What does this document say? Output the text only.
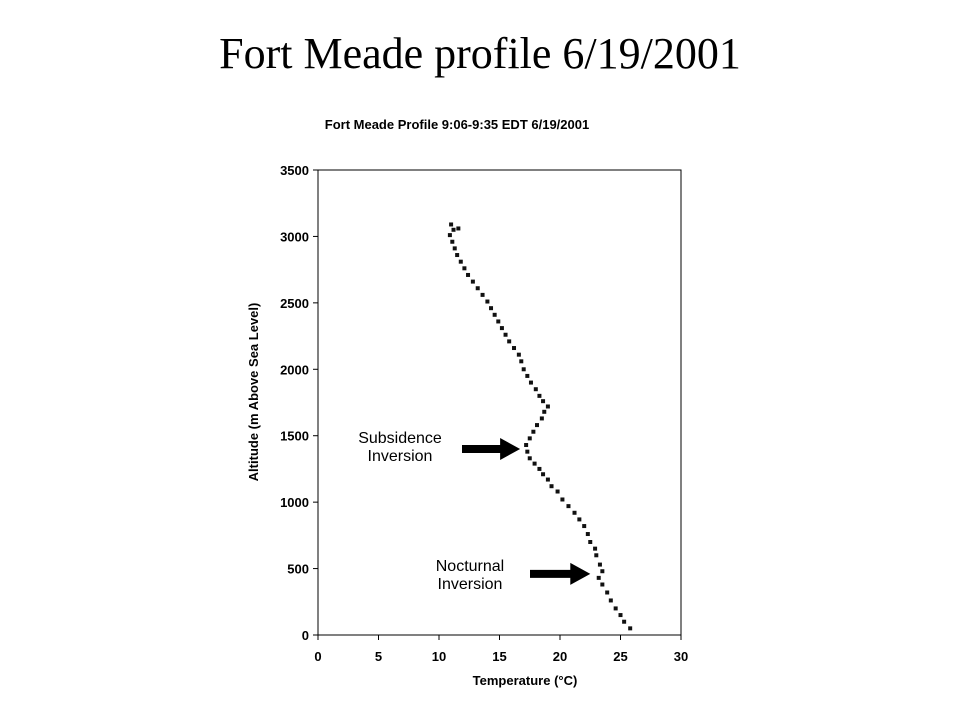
Fort Meade profile 6/19/2001
Fort Meade Profile 9:06-9:35 EDT 6/19/2001
0	5	10	15	20	25	30
0
500
1000
1500
2000
2500
3000
3500
Subsidence
Inversion
Nocturnal
Inversion
Temperature (°C)
Altitude (m Above Sea Level)
